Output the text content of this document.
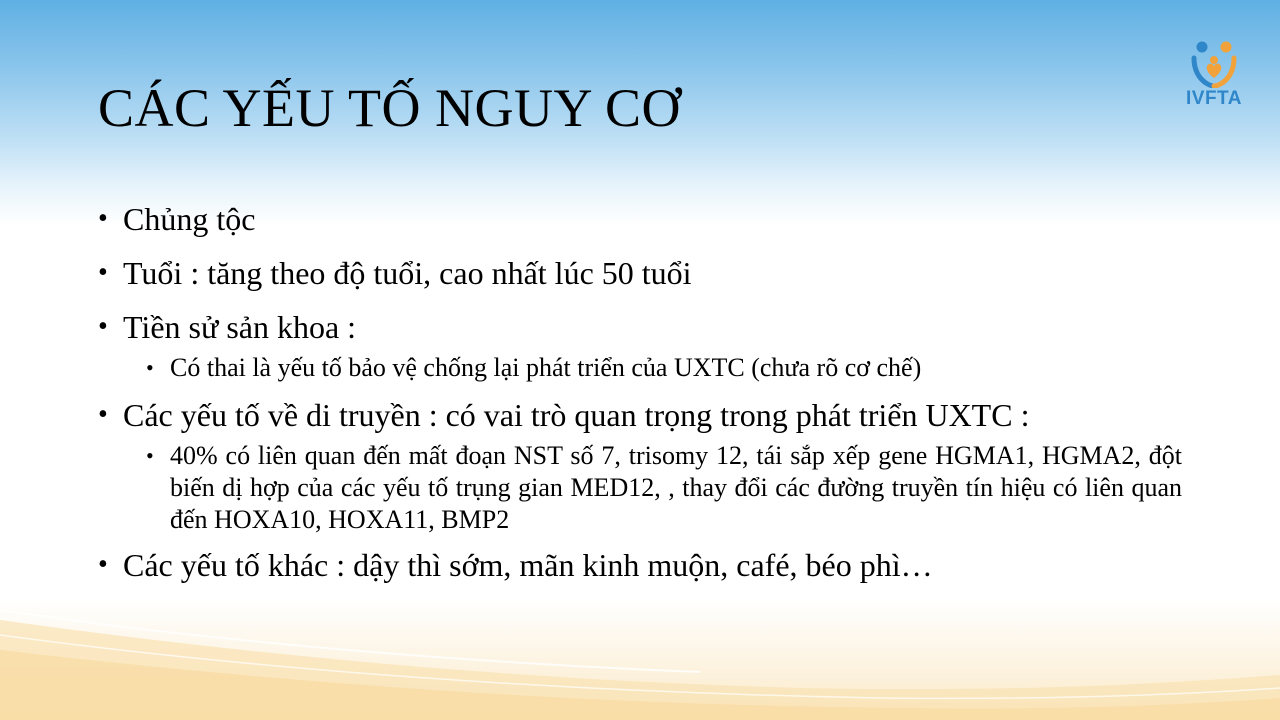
CÁC YẾU TỐ NGUY CƠ	IVFTA
• Chủng tộc
• Tuổi : tăng theo độ tuổi, cao nhất lúc 50 tuổi
• Tiền sử sản khoa :
• Có thai là yếu tố bảo vệ chống lại phát triển của UXTC (chưa rõ cơ chế)
• Các yếu tố về di truyền : có vai trò quan trọng trong phát triển UXTC :
• 40% có liên quan đến mất đoạn NST số 7, trisomy 12, tái sắp xếp gene HGMA1, HGMA2, đột biến dị hợp của các yếu tố trụng gian MED12, , thay đổi các đường truyền tín hiệu có liên quan đến HOXA10, HOXA11, BMP2
• Các yếu tố khác : dậy thì sớm, mãn kinh muộn, café, béo phì…
